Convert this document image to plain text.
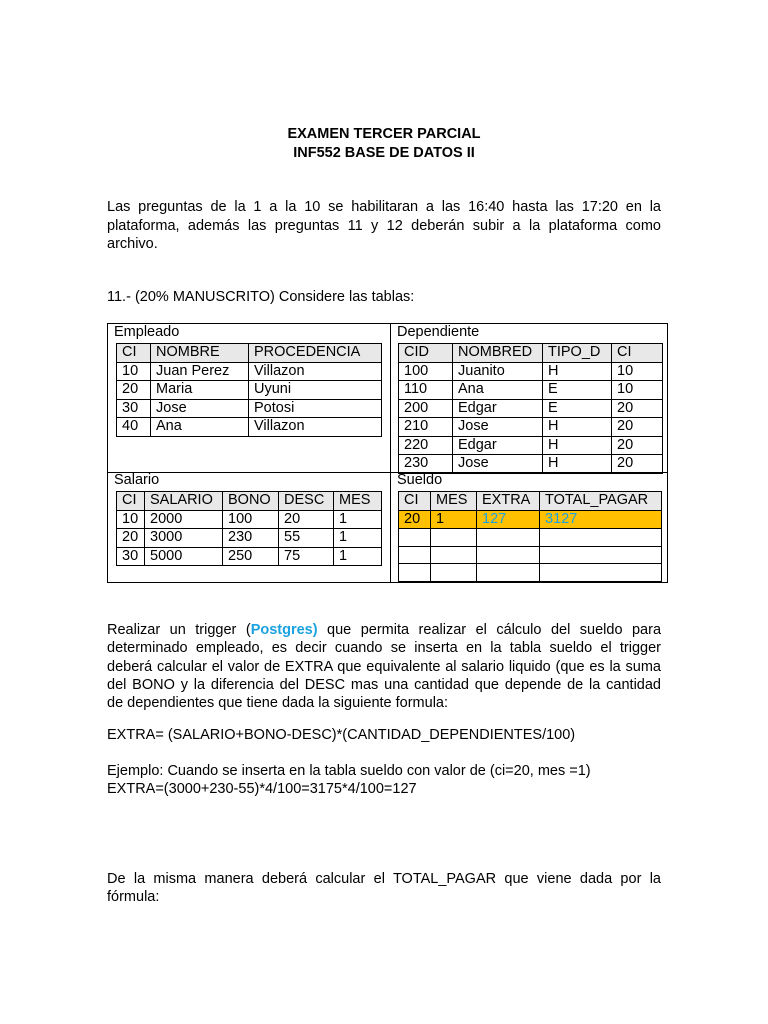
EXAMEN TERCER PARCIAL
INF552 BASE DE DATOS II
Las preguntas de la 1 a la 10 se habilitaran a las 16:40 hasta las 17:20 en la
plataforma, además las preguntas 11 y 12 deberán subir a la plataforma como
archivo.
11.- (20% MANUSCRITO) Considere las tablas:
Empleado	Dependiente
Salario	Sueldo
CI	NOMBRE	PROCEDENCIA
10	Juan Perez	Villazon
20	Maria	Uyuni
30	Jose	Potosi
40	Ana	Villazon
CID	NOMBRED	TIPO_D	CI
100	Juanito	H	10
110	Ana	E	10
200	Edgar	E	20
210	Jose	H	20
220	Edgar	H	20
230	Jose	H	20
CI	SALARIO	BONO	DESC	MES
10	2000	100	20	1
20	3000	230	55	1
30	5000	250	75	1
CI	MES	EXTRA	TOTAL_PAGAR
20	1	127	3127

Realizar un trigger (Postgres) que permita realizar el cálculo del sueldo para
determinado empleado, es decir cuando se inserta en la tabla sueldo el trigger
deberá calcular el valor de EXTRA que equivalente al salario liquido (que es la suma
del BONO y la diferencia del DESC mas una cantidad que depende de la cantidad
de dependientes que tiene dada la siguiente formula:
EXTRA= (SALARIO+BONO-DESC)*(CANTIDAD_DEPENDIENTES/100)
Ejemplo: Cuando se inserta en la tabla sueldo con valor de (ci=20, mes =1)
EXTRA=(3000+230-55)*4/100=3175*4/100=127
De la misma manera deberá calcular el TOTAL_PAGAR que viene dada por la
fórmula:
